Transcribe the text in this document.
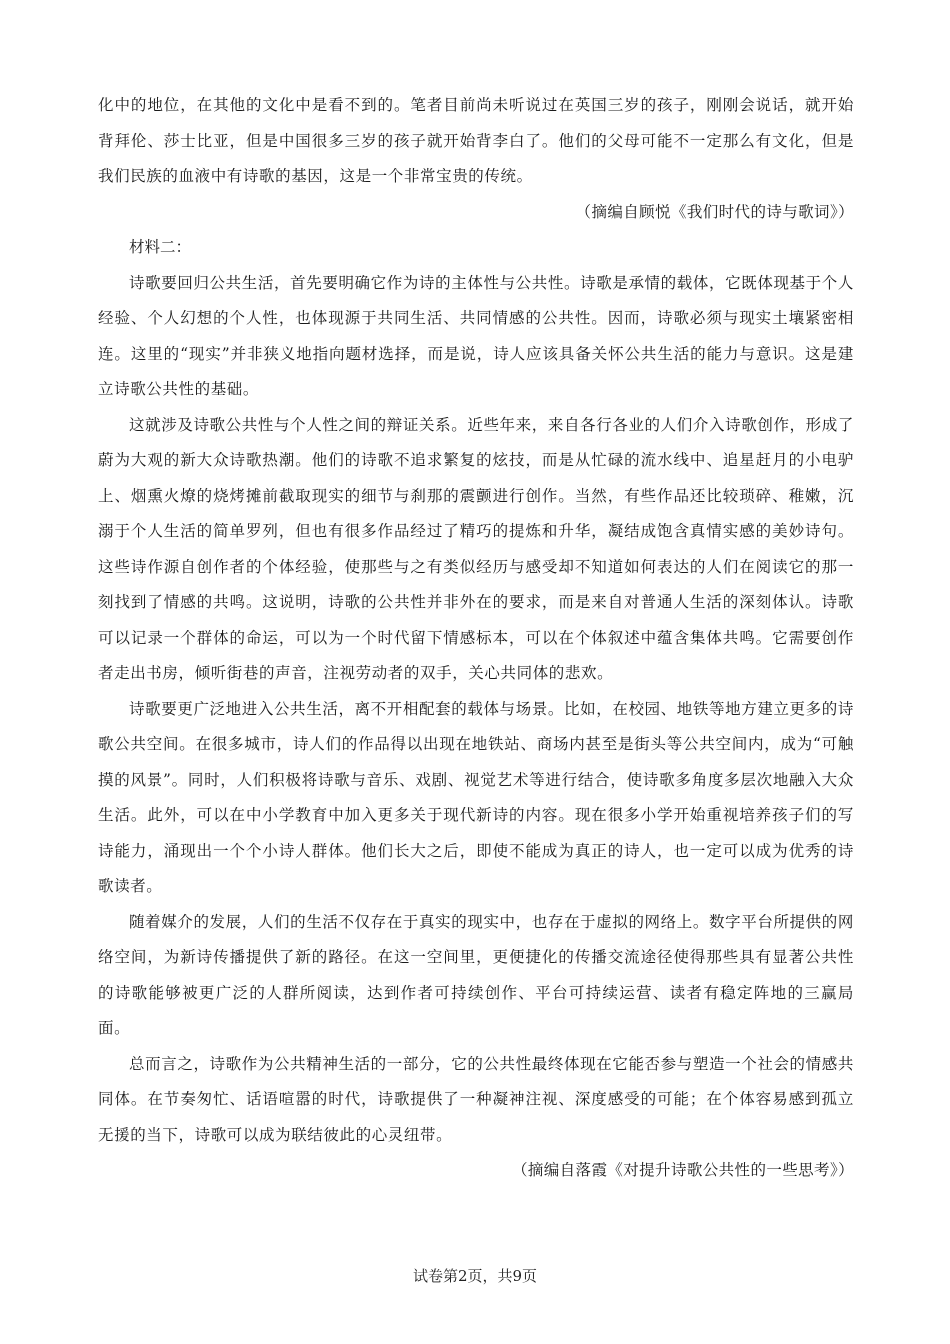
化中的地位，在其他的文化中是看不到的。笔者目前尚未听说过在英国三岁的孩子，刚刚会说话，就开始背拜伦、莎士比亚，但是中国很多三岁的孩子就开始背李白了。他们的父母可能不一定那么有文化，但是我们民族的血液中有诗歌的基因，这是一个非常宝贵的传统。

（摘编自顾悦《我们时代的诗与歌词》）

材料二：

诗歌要回归公共生活，首先要明确它作为诗的主体性与公共性。诗歌是承情的载体，它既体现基于个人经验、个人幻想的个人性，也体现源于共同生活、共同情感的公共性。因而，诗歌必须与现实土壤紧密相连。这里的“现实”并非狭义地指向题材选择，而是说，诗人应该具备关怀公共生活的能力与意识。这是建立诗歌公共性的基础。

这就涉及诗歌公共性与个人性之间的辩证关系。近些年来，来自各行各业的人们介入诗歌创作，形成了蔚为大观的新大众诗歌热潮。他们的诗歌不追求繁复的炫技，而是从忙碌的流水线中、追星赶月的小电驴上、烟熏火燎的烧烤摊前截取现实的细节与刹那的震颤进行创作。当然，有些作品还比较琐碎、稚嫩，沉溺于个人生活的简单罗列，但也有很多作品经过了精巧的提炼和升华，凝结成饱含真情实感的美妙诗句。这些诗作源自创作者的个体经验，使那些与之有类似经历与感受却不知道如何表达的人们在阅读它的那一刻找到了情感的共鸣。这说明，诗歌的公共性并非外在的要求，而是来自对普通人生活的深刻体认。诗歌可以记录一个群体的命运，可以为一个时代留下情感标本，可以在个体叙述中蕴含集体共鸣。它需要创作者走出书房，倾听街巷的声音，注视劳动者的双手，关心共同体的悲欢。

诗歌要更广泛地进入公共生活，离不开相配套的载体与场景。比如，在校园、地铁等地方建立更多的诗歌公共空间。在很多城市，诗人们的作品得以出现在地铁站、商场内甚至是街头等公共空间内，成为“可触摸的风景”。同时，人们积极将诗歌与音乐、戏剧、视觉艺术等进行结合，使诗歌多角度多层次地融入大众生活。此外，可以在中小学教育中加入更多关于现代新诗的内容。现在很多小学开始重视培养孩子们的写诗能力，涌现出一个个小诗人群体。他们长大之后，即使不能成为真正的诗人，也一定可以成为优秀的诗歌读者。

随着媒介的发展，人们的生活不仅存在于真实的现实中，也存在于虚拟的网络上。数字平台所提供的网络空间，为新诗传播提供了新的路径。在这一空间里，更便捷化的传播交流途径使得那些具有显著公共性的诗歌能够被更广泛的人群所阅读，达到作者可持续创作、平台可持续运营、读者有稳定阵地的三赢局面。

总而言之，诗歌作为公共精神生活的一部分，它的公共性最终体现在它能否参与塑造一个社会的情感共同体。在节奏匆忙、话语喧嚣的时代，诗歌提供了一种凝神注视、深度感受的可能；在个体容易感到孤立无援的当下，诗歌可以成为联结彼此的心灵纽带。

（摘编自落霞《对提升诗歌公共性的一些思考》）

试卷第2页，共9页
